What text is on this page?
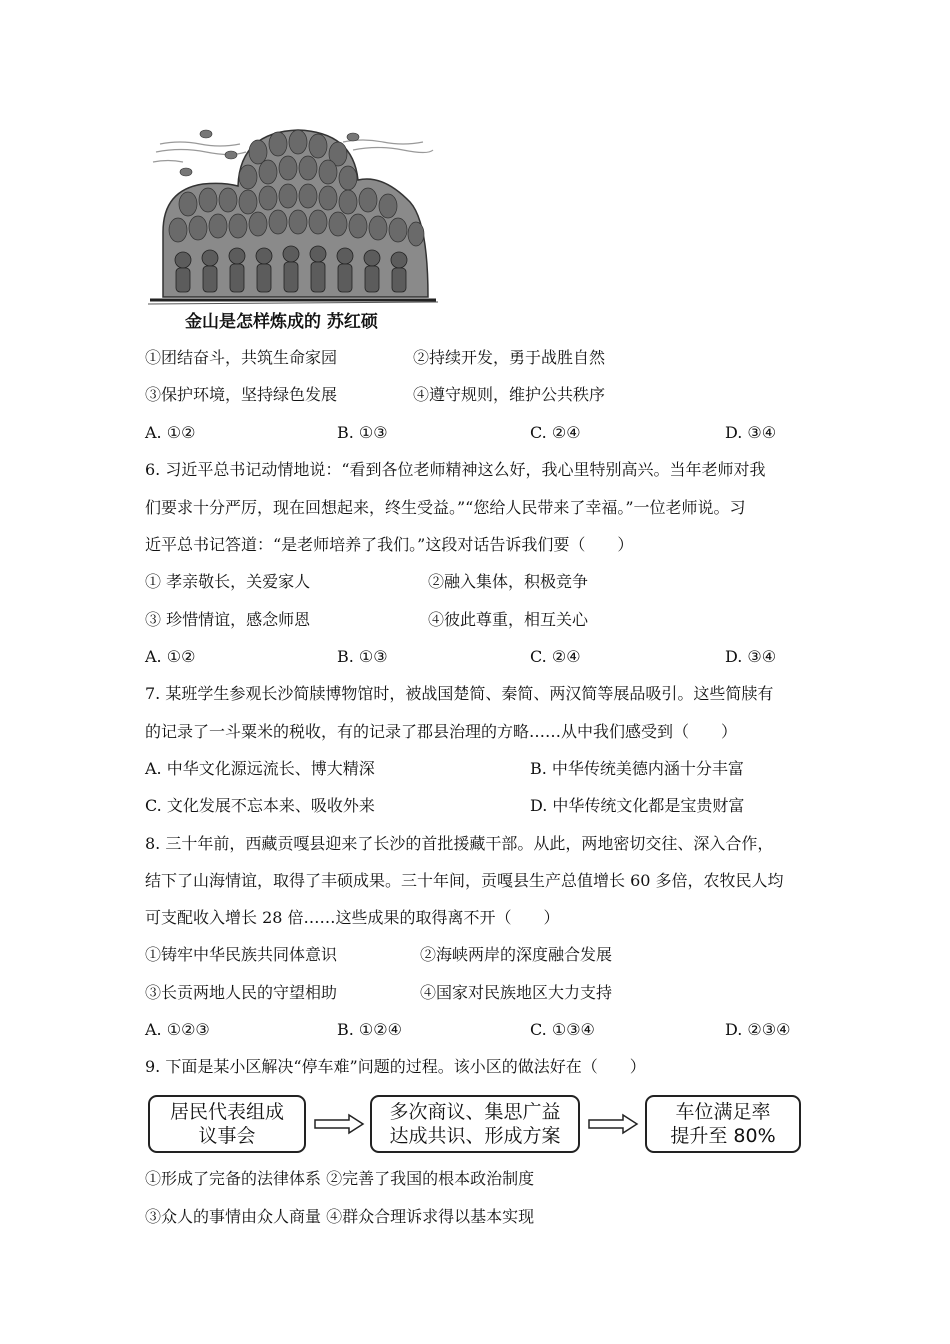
金山是怎样炼成的 苏红硕
①团结奋斗，共筑生命家园	②持续开发，勇于战胜自然
③保护环境，坚持绿色发展	④遵守规则，维护公共秩序
A. ①②	B. ①③	C. ②④	D. ③④
6. 习近平总书记动情地说：“看到各位老师精神这么好，我心里特别高兴。当年老师对我
们要求十分严厉，现在回想起来，终生受益。”“您给人民带来了幸福。”一位老师说。习
近平总书记答道：“是老师培养了我们。”这段对话告诉我们要（　　）
① 孝亲敬长，关爱家人	②融入集体，积极竞争
③ 珍惜情谊，感念师恩	④彼此尊重，相互关心
A. ①②	B. ①③	C. ②④	D. ③④
7. 某班学生参观长沙简牍博物馆时，被战国楚简、秦简、两汉简等展品吸引。这些简牍有
的记录了一斗粟米的税收，有的记录了郡县治理的方略……从中我们感受到（　　）
A. 中华文化源远流长、博大精深	B. 中华传统美德内涵十分丰富
C. 文化发展不忘本来、吸收外来	D. 中华传统文化都是宝贵财富
8. 三十年前，西藏贡嘎县迎来了长沙的首批援藏干部。从此，两地密切交往、深入合作，
结下了山海情谊，取得了丰硕成果。三十年间，贡嘎县生产总值增长 60 多倍，农牧民人均
可支配收入增长 28 倍……这些成果的取得离不开（　　）
①铸牢中华民族共同体意识	②海峡两岸的深度融合发展
③长贡两地人民的守望相助	④国家对民族地区大力支持
A. ①②③	B. ①②④	C. ①③④	D. ②③④
9. 下面是某小区解决“停车难”问题的过程。该小区的做法好在（　　）
居民代表组成
议事会
多次商议、集思广益
达成共识、形成方案
车位满足率
提升至 80%
①形成了完备的法律体系 ②完善了我国的根本政治制度
③众人的事情由众人商量 ④群众合理诉求得以基本实现
